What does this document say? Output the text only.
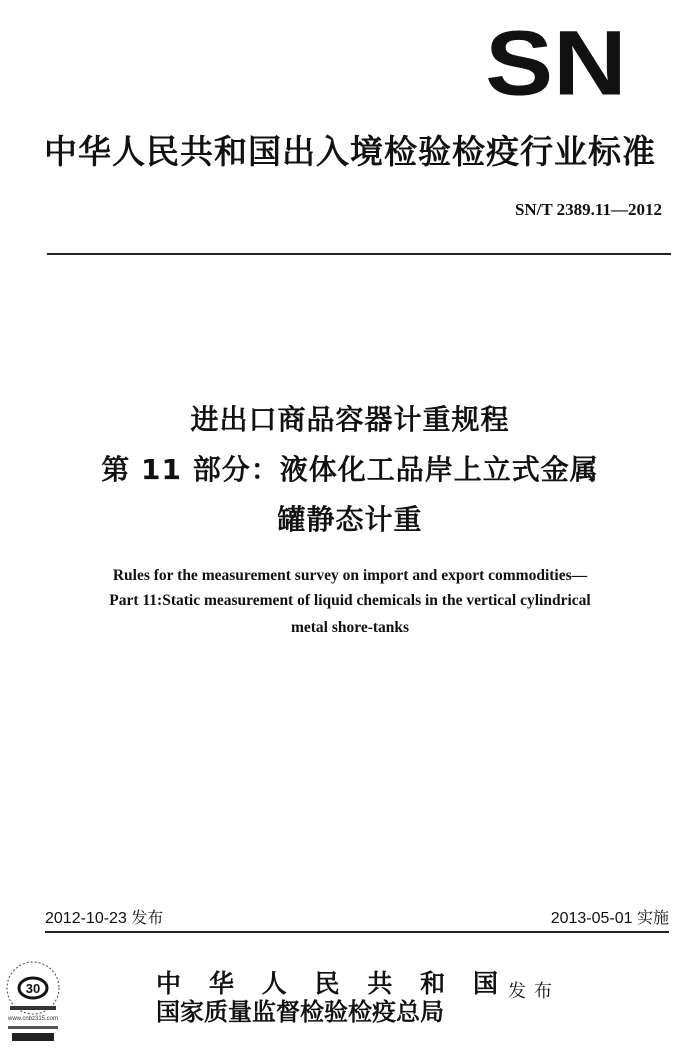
SN
中华人民共和国出入境检验检疫行业标准
SN/T 2389.11—2012
进出口商品容器计重规程
第 11 部分：液体化工品岸上立式金属
罐静态计重
Rules for the measurement survey on import and export commodities—
Part 11:Static measurement of liquid chemicals in the vertical cylindrical
metal shore-tanks
2012-10-23 发布	2013-05-01 实施
30
www.cnbz315.com
中 华 人 民 共 和 国
国家质量监督检验检疫总局
发布
